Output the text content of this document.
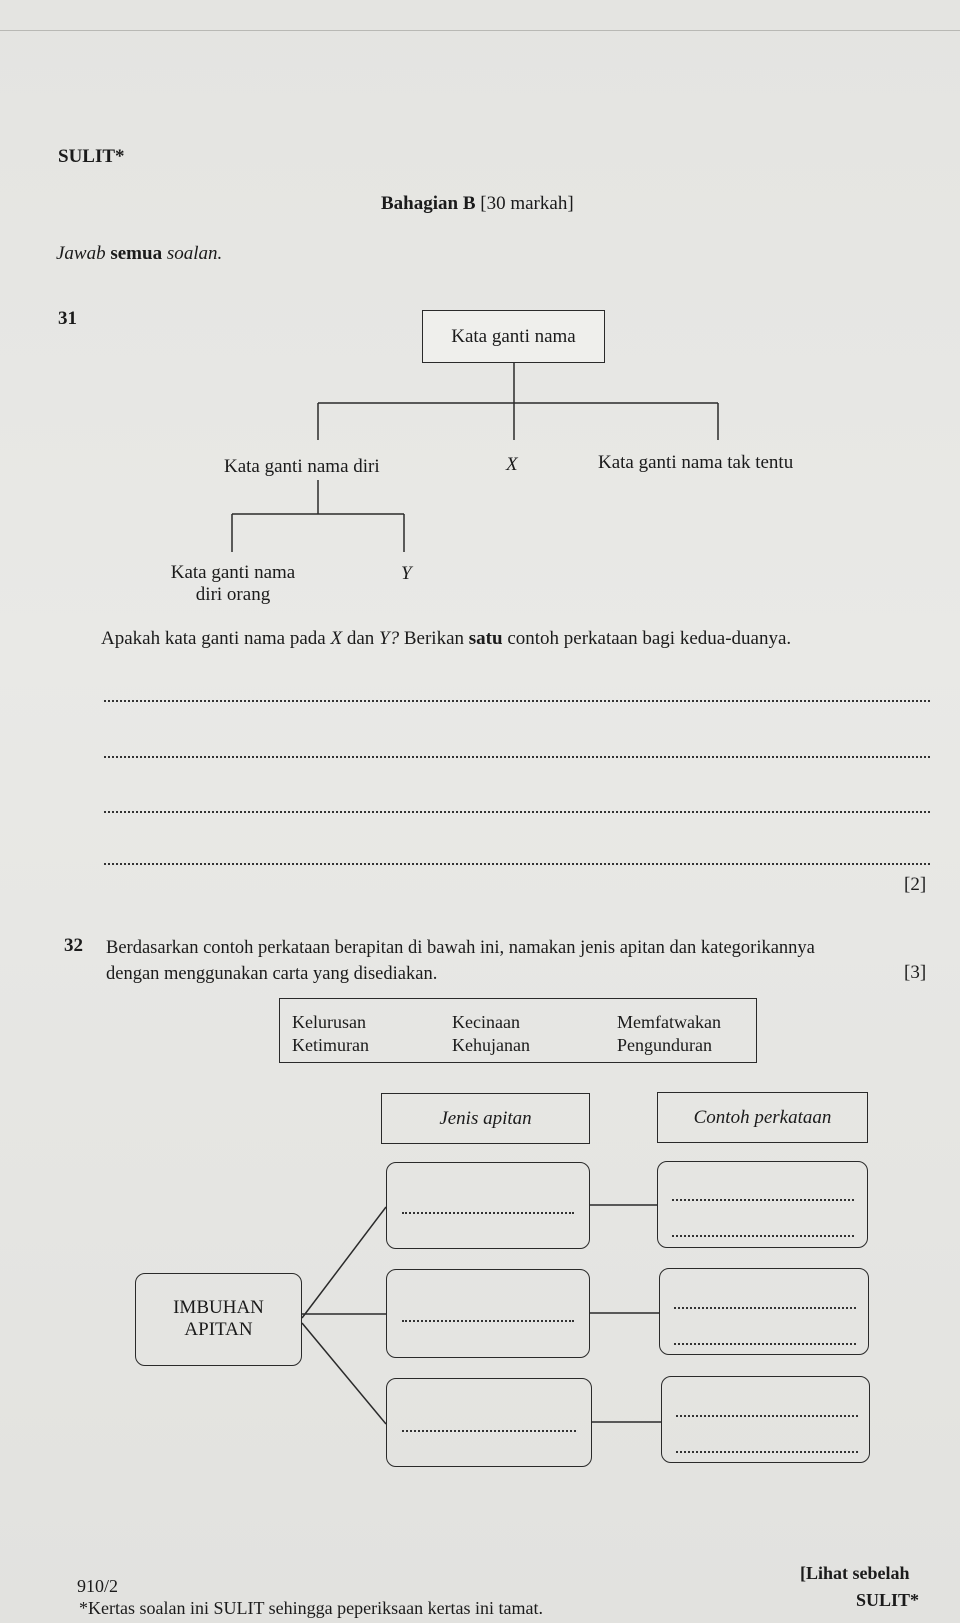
SULIT*
Bahagian B [30 markah]
Jawab semua soalan.
31
Kata ganti nama
Kata ganti nama diri	X	Kata ganti nama tak tentu
Kata ganti nama
diri orang
Y
Apakah kata ganti nama pada X dan Y? Berikan satu contoh perkataan bagi kedua-duanya.
[2]
32 Berdasarkan contoh perkataan berapitan di bawah ini, namakan jenis apitan dan kategorikannya
dengan menggunakan carta yang disediakan.	[3]
Kelurusan	Kecinaan	Memfatwakan
Ketimuran	Kehujanan	Pengunduran
Jenis apitan	Contoh perkataan
IMBUHAN
APITAN
910/2
*Kertas soalan ini SULIT sehingga peperiksaan kertas ini tamat.
[Lihat sebelah
SULIT*
